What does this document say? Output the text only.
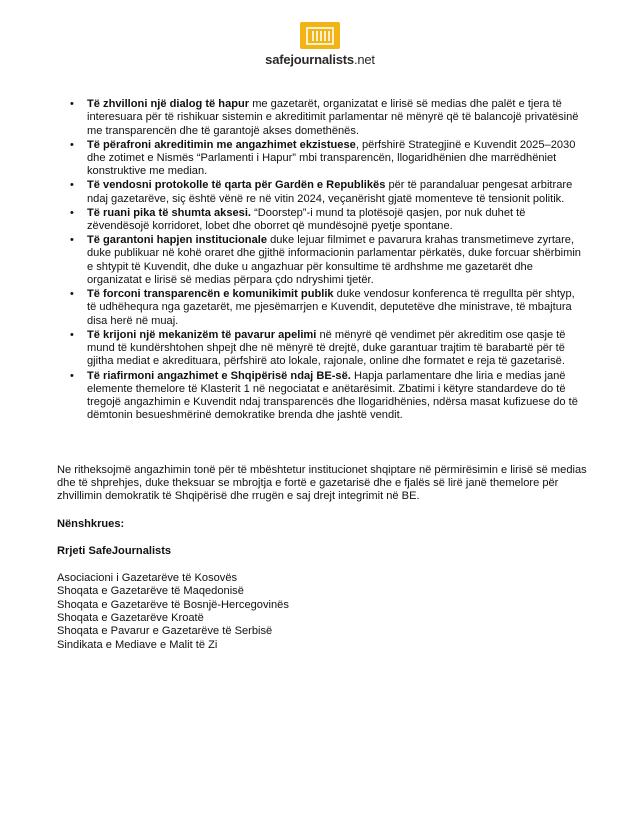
safejournalists.net
• Të zhvilloni një dialog të hapur me gazetarët, organizatat e lirisë së medias dhe palët e tjera të interesuara për të rishikuar sistemin e akreditimit parlamentar në mënyrë që të balancojë privatësinë me transparencën dhe të garantojë akses domethënës.
• Të përafroni akreditimin me angazhimet ekzistuese, përfshirë Strategjinë e Kuvendit 2025–2030 dhe zotimet e Nismës “Parlamenti i Hapur” mbi transparencën, llogaridhënien dhe marrëdhëniet konstruktive me median.
• Të vendosni protokolle të qarta për Gardën e Republikës për të parandaluar pengesat arbitrare ndaj gazetarëve, siç është vënë re në vitin 2024, veçanërisht gjatë momenteve të tensionit politik.
• Të ruani pika të shumta aksesi. “Doorstep”-i mund ta plotësojë qasjen, por nuk duhet të zëvendësojë korridoret, lobet dhe oborret që mundësojnë pyetje spontane.
• Të garantoni hapjen institucionale duke lejuar filmimet e pavarura krahas transmetimeve zyrtare, duke publikuar në kohë oraret dhe gjithë informacionin parlamentar përkatës, duke forcuar shërbimin e shtypit të Kuvendit, dhe duke u angazhuar për konsultime të ardhshme me gazetarët dhe organizatat e lirisë së medias përpara çdo ndryshimi tjetër.
• Të forconi transparencën e komunikimit publik duke vendosur konferenca të rregullta për shtyp, të udhëhequra nga gazetarët, me pjesëmarrjen e Kuvendit, deputetëve dhe ministrave, të mbajtura disa herë në muaj.
• Të krijoni një mekanizëm të pavarur apelimi në mënyrë që vendimet për akreditim ose qasje të mund të kundërshtohen shpejt dhe në mënyrë të drejtë, duke garantuar trajtim të barabartë për të gjitha mediat e akredituara, përfshirë ato lokale, rajonale, online dhe formatet e reja të gazetarisë.
• Të riafirmoni angazhimet e Shqipërisë ndaj BE-së. Hapja parlamentare dhe liria e medias janë elemente themelore të Klasterit 1 në negociatat e anëtarësimit. Zbatimi i këtyre standardeve do të tregojë angazhimin e Kuvendit ndaj transparencës dhe llogaridhënies, ndërsa masat kufizuese do të dëmtonin besueshmërinë demokratike brenda dhe jashtë vendit.
Ne ritheksojmë angazhimin tonë për të mbështetur institucionet shqiptare në përmirësimin e lirisë së medias dhe të shprehjes, duke theksuar se mbrojtja e fortë e gazetarisë dhe e fjalës së lirë janë themelore për zhvillimin demokratik të Shqipërisë dhe rrugën e saj drejt integrimit në BE.
Nënshkrues:
Rrjeti SafeJournalists
Asociacioni i Gazetarëve të Kosovës
Shoqata e Gazetarëve të Maqedonisë
Shoqata e Gazetarëve të Bosnjë-Hercegovinës
Shoqata e Gazetarëve Kroatë
Shoqata e Pavarur e Gazetarëve të Serbisë
Sindikata e Mediave e Malit të Zi
